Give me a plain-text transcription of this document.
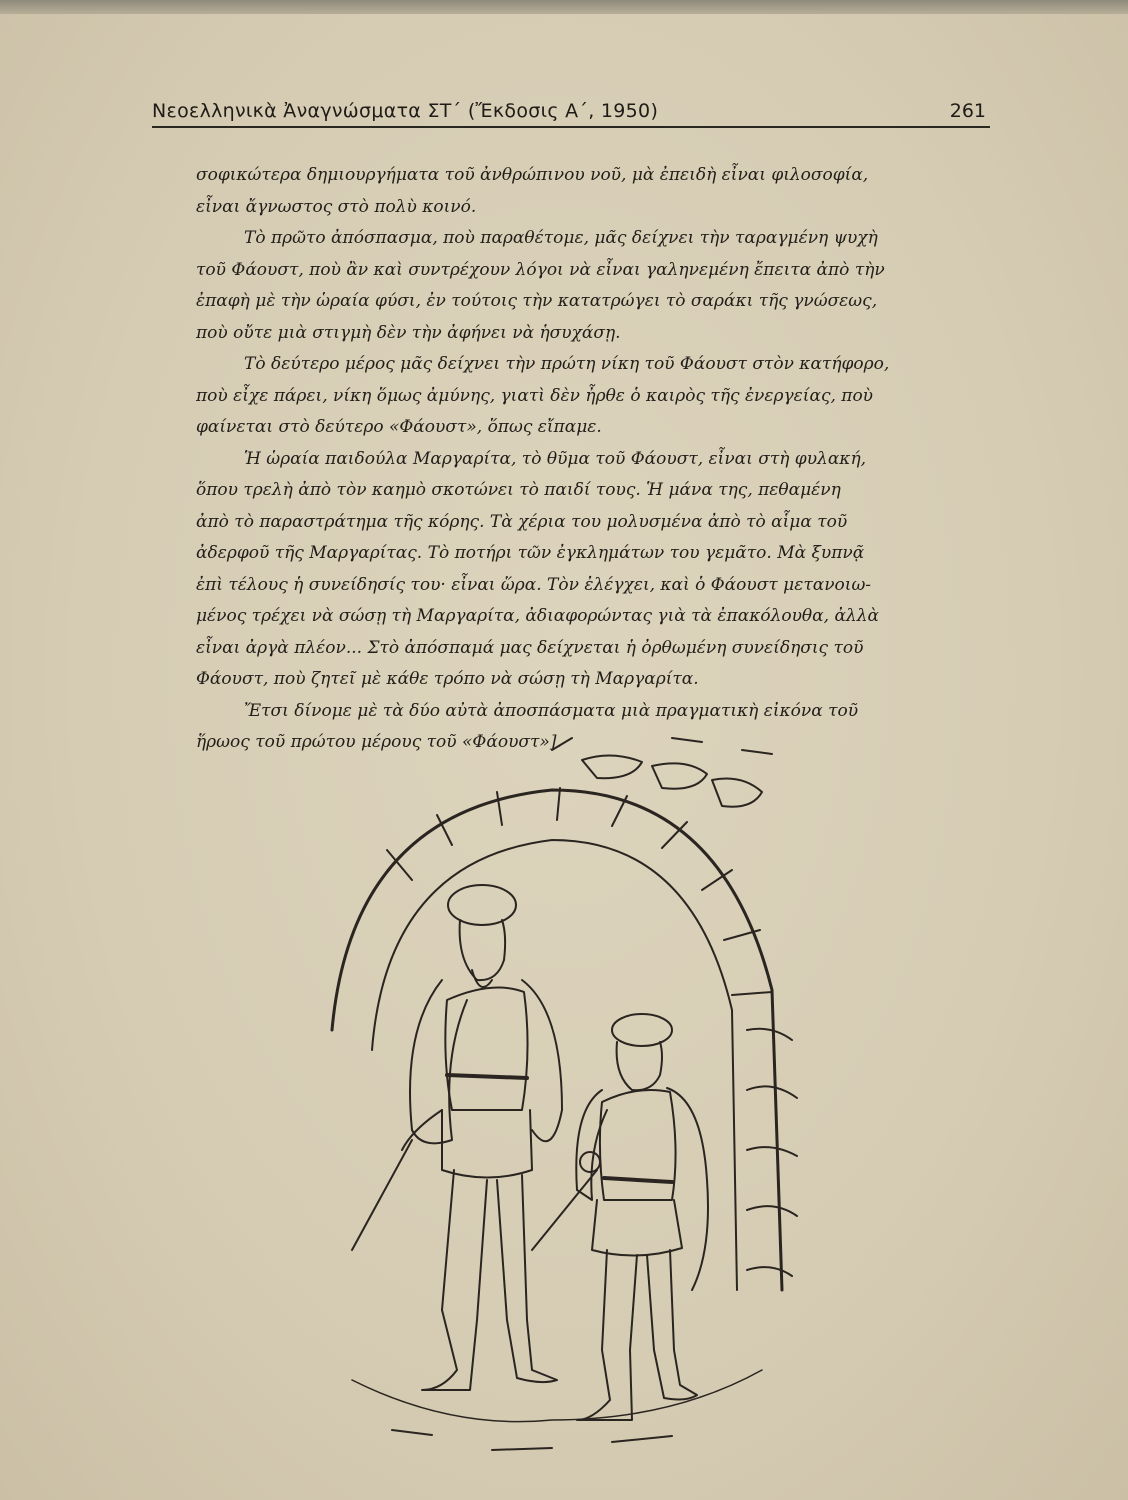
Νεοελληνικὰ Ἀναγνώσματα ΣΤ΄ (Ἔκδοσις Α΄, 1950)	261
σοφικώτερα δημιουργήματα τοῦ ἀνθρώπινου νοῦ, μὰ ἐπειδὴ εἶναι φιλοσοφία,
εἶναι ἄγνωστος στὸ πολὺ κοινό.
Τὸ πρῶτο ἀπόσπασμα, ποὺ παραθέτομε, μᾶς δείχνει τὴν ταραγμένη ψυχὴ
τοῦ Φάουστ, ποὺ ἂν καὶ συντρέχουν λόγοι νὰ εἶναι γαληνεμένη ἔπειτα ἀπὸ τὴν
ἐπαφὴ μὲ τὴν ὡραία φύσι, ἐν τούτοις τὴν κατατρώγει τὸ σαράκι τῆς γνώσεως,
ποὺ οὔτε μιὰ στιγμὴ δὲν τὴν ἀφήνει νὰ ἡσυχάσῃ.
Τὸ δεύτερο μέρος μᾶς δείχνει τὴν πρώτη νίκη τοῦ Φάουστ στὸν κατήφορο,
ποὺ εἶχε πάρει, νίκη ὅμως ἀμύνης, γιατὶ δὲν ἦρθε ὁ καιρὸς τῆς ἐνεργείας, ποὺ
φαίνεται στὸ δεύτερο «Φάουστ», ὅπως εἴπαμε.
Ἡ ὡραία παιδούλα Μαργαρίτα, τὸ θῦμα τοῦ Φάουστ, εἶναι στὴ φυλακή,
ὅπου τρελὴ ἀπὸ τὸν καημὸ σκοτώνει τὸ παιδί τους. Ἡ μάνα της, πεθαμένη
ἀπὸ τὸ παραστράτημα τῆς κόρης. Τὰ χέρια του μολυσμένα ἀπὸ τὸ αἷμα τοῦ
ἀδερφοῦ τῆς Μαργαρίτας. Τὸ ποτήρι τῶν ἐγκλημάτων του γεμᾶτο. Μὰ ξυπνᾷ
ἐπὶ τέλους ἡ συνείδησίς του· εἶναι ὥρα. Τὸν ἐλέγχει, καὶ ὁ Φάουστ μετανοιω-
μένος τρέχει νὰ σώσῃ τὴ Μαργαρίτα, ἀδιαφορώντας γιὰ τὰ ἐπακόλουθα, ἀλλὰ
εἶναι ἀργὰ πλέον... Στὸ ἀπόσπαμά μας δείχνεται ἡ ὀρθωμένη συνείδησις τοῦ
Φάουστ, ποὺ ζητεῖ μὲ κάθε τρόπο νὰ σώσῃ τὴ Μαργαρίτα.
Ἔτσι δίνομε μὲ τὰ δύο αὐτὰ ἀποσπάσματα μιὰ πραγματικὴ εἰκόνα τοῦ
ἥρωος τοῦ πρώτου μέρους τοῦ «Φάουστ»].
